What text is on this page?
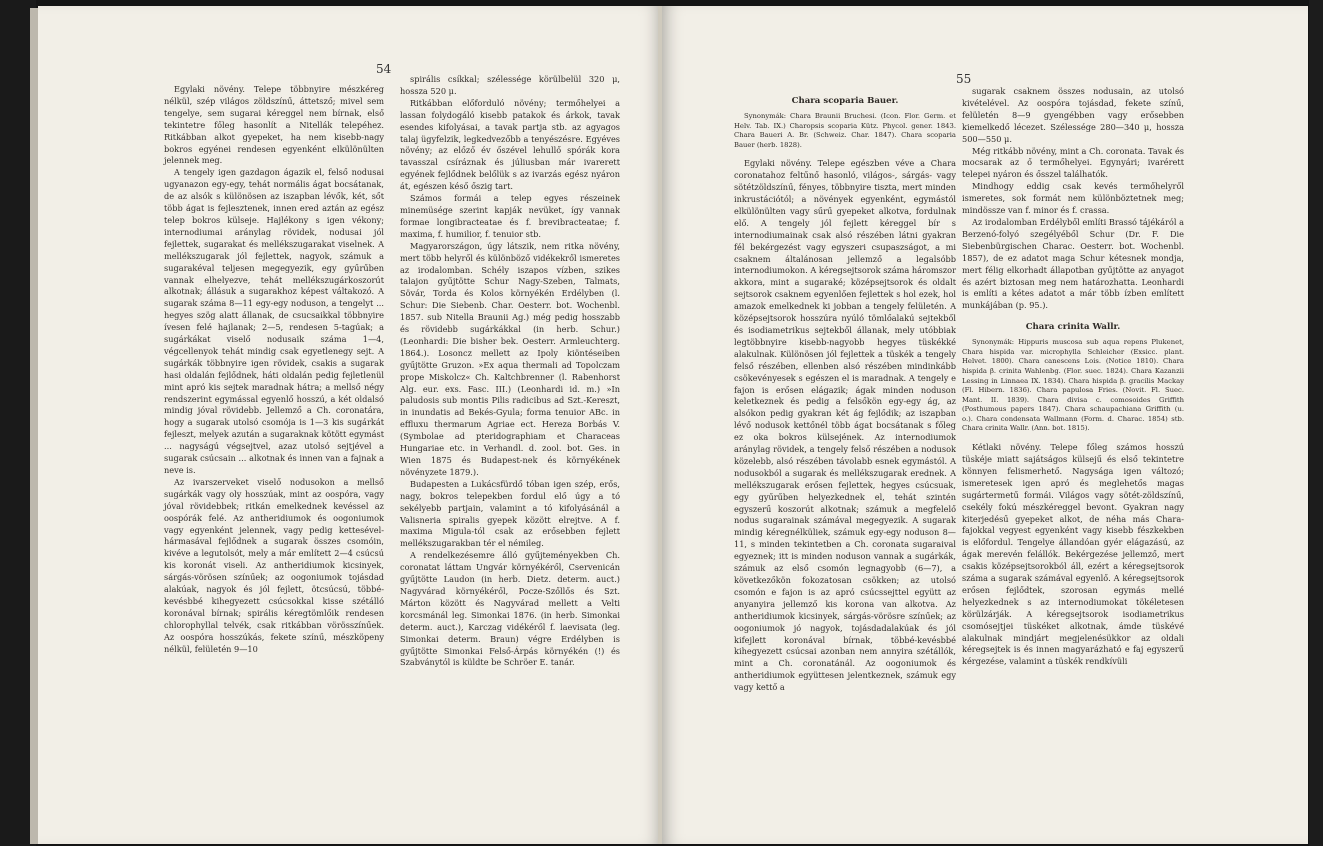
54

Egylaki növény. Telepe többnyire mészkéreg nélkül, szép világos zöldszínű, áttetsző; mivel sem tengelye, sem sugarai kéreggel nem bírnak, első tekintetre főleg hasonlít a Nitellák telepéhez. Ritkábban alkot gyepeket, ha nem kisebb-nagy bokros egyénei rendesen egyenként elkülönülten jelennek meg.

A tengely igen gazdagon ágazik el, felső nodusai ugyanazon egy-egy, tehát normális ágat bocsátanak, de az alsók s különösen az iszapban lévők, két, sőt több ágat is fejlesztenek, innen ered aztán az egész telep bokros külseje. Hajlékony s igen vékony; internodiumai aránylag rövidek, nodusai jól fejlettek, sugarakat és mellékszugarakat viselnek. A mellékszugarak jól fejlettek, nagyok, számuk a sugarakéval teljesen megegyezik, egy gyűrűben vannak elhelyezve, tehát mellékszugárkoszorút alkotnak; állásuk a sugarakhoz képest váltakozó. A sugarak száma 8—11 egy-egy noduson, a tengelyt ... hegyes szög alatt állanak, de csucsaikkal többnyire ívesen felé hajlanak; 2—5, rendesen 5-tagúak; a sugárkákat viselő nodusaik száma 1—4, végcellenyok tehát mindig csak egyetlenegy sejt. A sugárkák többnyire igen rövidek, csakis a sugarak hasi oldalán fejlődnek, háti oldalán pedig fejletlenül mint apró kis sejtek maradnak hátra; a mellső négy rendszerint egymással egyenlő hosszú, a két oldalsó mindig jóval rövidebb. Jellemző a Ch. coronatára, hogy a sugarak utolsó csomója is 1—3 kis sugárkát fejleszt, melyek azután a sugaraknak kötött egymást ... nagyságú végsejtvel, azaz utolsó sejtjével a sugarak csúcsain ... alkotnak és innen van a fajnak a neve is.

Az ivarszerveket viselő nodusokon a mellső sugárkák vagy oly hosszúak, mint az oospóra, vagy jóval rövidebbek; ritkán emelkednek kevéssel az oospórák felé. Az antheridiumok és oogoniumok vagy egyenként jelennek, vagy pedig kettesével-hármasával fejlődnek a sugarak összes csomóin, kivéve a legutolsót, mely a már említett 2—4 csúcsú kis koronát viseli. Az antheridiumok kicsinyek, sárgás-vörösen színűek; az oogoniumok tojásdad alakúak, nagyok és jól fejlett, ötcsúcsú, többé-kevésbbé kihegyezett csúcsokkal kisse szétálló koronával bírnak; spirális kéregtömlőik rendesen chlorophyllal telvék, csak ritkábban vörösszínűek. Az oospóra hosszúkás, fekete színű, mészköpeny nélkül, felületén 9—10

spirális csíkkal; szélessége körülbelül 320 μ, hossza 520 μ.

Ritkábban előforduló növény; termőhelyei a lassan folydogáló kisebb patakok és árkok, tavak esendes kifolyásai, a tavak partja stb. az agyagos talaj ügyfelzik, legkedvezőbb a tenyészésre. Egyéves növény; az előző év őszével lehullő spórák kora tavasszal csíráznak és júliusban már ivarerett egyének fejlődnek belőlük s az ivarzás egész nyáron át, egészen késő őszig tart.

Számos formái a telep egyes részeinek minemüsége szerint kapják nevüket, így vannak formae longibracteatae és f. brevibracteatae; f. maxima, f. humilior, f. tenuior stb.

Magyarországon, úgy látszik, nem ritka növény, mert több helyről és különböző vidékekről ismeretes az irodalomban. Schély iszapos vízben, szikes talajon gyűjtötte Schur Nagy-Szeben, Talmats, Sövár, Torda és Kolos környékén Erdélyben (l. Schur: Die Siebenb. Char. Oesterr. bot. Wochenbl. 1857. sub Nitella Braunii Ag.) még pedig hosszabb és rövidebb sugárkákkal (in herb. Schur.) (Leonhardi: Die bisher bek. Oesterr. Armleuchterg. 1864.). Losoncz mellett az Ipoly kiöntéseiben gyűjtötte Gruzon. »Ex aqua thermali ad Topolczam prope Miskolcz« Ch. Kaltchbrenner (l. Rabenhorst Alg. eur. exs. Fasc. III.) (Leonhardi id. m.) »In paludosis sub montis Pilis radicibus ad Szt.-Kereszt, in inundatis ad Bekés-Gyula; forma tenuior ABc. in effluxu thermarum Agriae ect. Hereza Borbás V. (Symbolae ad pteridographiam et Characeas Hungariae etc. in Verhandl. d. zool. bot. Ges. in Wien 1875 és Budapest-nek és környékének növényzete 1879.).

Budapesten a Lukácsfürdő tóban igen szép, erős, nagy, bokros telepekben fordul elő úgy a tó sekélyebb partjain, valamint a tó kifolyásánál a Valisneria spiralis gyepek között elrejtve. A f. maxima Migula-tól csak az erősebben fejlett mellékszugarakban tér el némileg.

A rendelkezésemre álló gyűjteményekben Ch. coronatat láttam Ungvár környékéről, Cservenicán gyűjtötte Laudon (in herb. Dietz. determ. auct.) Nagyvárad környékéről, Pocze-Szőllős és Szt. Márton között és Nagyvárad mellett a Velti korcsmánál leg. Simonkai 1876. (in herb. Simonkai determ. auct.), Karczag vidékéről f. laevisata (leg. Simonkai determ. Braun) végre Erdélyben is gyűjtötte Simonkai Felső-Árpás környékén (!) és Szabványtól is küldte be Schröer E. tanár.

55

Chara scoparia Bauer.

Synonymák: Chara Braunii Bruchesi. (Icon. Flor. Germ. et Helv. Tab. IX.) Charopsis scoparia Kütz. Phycol. gener. 1843. Chara Baueri A. Br. (Schweiz. Char. 1847). Chara scoparia Bauer (herb. 1828).

Egylaki növény. Telepe egészben véve a Chara coronatahoz feltűnő hasonló, világos-, sárgás- vagy sötétzöldszínű, fényes, többnyire tiszta, mert minden inkrustációtól; a növények egyenként, egymástól elkülönülten vagy sűrű gyepeket alkotva, fordulnak elő. A tengely jól fejlett kéreggel bír s internodiumainak csak alsó részében látni gyakran fél bekérgezést vagy egyszeri csupaszságot, a mi csaknem általánosan jellemző a legalsóbb internodiumokon. A kéregsejtsorok száma háromszor akkora, mint a sugaraké; középsejtsorok és oldalt sejtsorok csaknem egyenlően fejlettek s hol ezek, hol amazok emelkednek ki jobban a tengely felületén. A középsejtsorok hosszúra nyúló tömlőalakú sejtekből és isodiametrikus sejtekből állanak, mely utóbbiak legtöbbnyire kisebb-nagyobb hegyes tüskékké alakulnak. Különösen jól fejlettek a tüskék a tengely felső részében, ellenben alsó részében mindinkább csökevényesek s egészen el is maradnak. A tengely e fajon is erősen elágazik; ágak minden noduson keletkeznek és pedig a felsőkön egy-egy ág, az alsókon pedig gyakran két ág fejlődik; az iszapban lévő nodusok kettőnél több ágat bocsátanak s főleg ez oka bokros külsejének. Az internodiumok aránylag rövidek, a tengely felső részében a nodusok közelebb, alsó részében távolabb esnek egymástól. A nodusokból a sugarak és mellékszugarak erednek. A mellékszugarak erősen fejlettek, hegyes csúcsuak, egy gyűrűben helyezkednek el, tehát szintén egyszerű koszorút alkotnak; számuk a megfelelő nodus sugarainak számával megegyezik. A sugarak mindig kéregnélküliek, számuk egy-egy noduson 8—11, s minden tekintetben a Ch. coronata sugaraival egyeznek; itt is minden noduson vannak a sugárkák, számuk az első csomón legnagyobb (6—7), a következőkön fokozatosan csökken; az utolsó csomón e fajon is az apró csúcssejttel együtt az anyanyira jellemző kis korona van alkotva. Az antheridiumok kicsinyek, sárgás-vörösre színűek; az oogoniumok jó nagyok, tojásdadalakúak és jól kifejlett koronával bírnak, többé-kevésbbé kihegyezett csúcsai azonban nem annyira szétállók, mint a Ch. coronatánál. Az oogoniumok és antheridiumok együttesen jelentkeznek, számuk egy vagy kettő a

sugarak csaknem összes nodusain, az utolsó kivételével. Az oospóra tojásdad, fekete színű, felületén 8—9 gyengébben vagy erősebben kiemelkedő lécezet. Szélessége 280—340 μ, hossza 500—550 μ.

Még ritkább növény, mint a Ch. coronata. Tavak és mocsarak az ő termőhelyei. Egynyári; ivarérett telepei nyáron és ősszel találhatók.

Mindhogy eddig csak kevés termőhelyről ismeretes, sok formát nem különböztetnek meg; mindössze van f. minor és f. crassa.

Az irodalomban Erdélyből említi Brassó tájékáról a Berzenó-folyó szegélyéből Schur (Dr. F. Die Siebenbürgischen Charac. Oesterr. bot. Wochenbl. 1857), de ez adatot maga Schur kétesnek mondja, mert félig elkorhadt állapotban gyűjtötte az anyagot és azért biztosan meg nem határozhatta. Leonhardi is említi a kétes adatot a már több ízben említett munkájában (p. 95.).

Chara crinita Wallr.

Synonymák: Hippuris muscosa sub aqua repens Plukenet, Chara hispida var. microphylla Schleicher (Exsicc. plant. Helvet. 1800). Chara canescens Lois. (Notice 1810). Chara hispida β. crinita Wahlenbg. (Flor. suec. 1824). Chara Kazanzii Lessing in Linnaea IX. 1834). Chara hispida β. gracilis Mackay (Fl. Hibern. 1836). Chara papulosa Fries. (Novit. Fl. Suec. Mant. II. 1839). Chara divisa c. comosoides Griffith (Posthumous papers 1847). Chara schaupachiana Griffith (u. o.). Chara condensata Wallmann (Form. d. Charac. 1854) stb. Chara crinita Wallr. (Ann. bot. 1815).

Kétlaki növény. Telepe főleg számos hosszú tüskéje miatt sajátságos külsejű és első tekintetre könnyen felismerhető. Nagysága igen változó; ismeretesek igen apró és meglehetős magas sugártermetű formái. Világos vagy sötét-zöldszínű, csekély fokú mészkéreggel bevont. Gyakran nagy kiterjedésű gyepeket alkot, de néha más Chara-fajokkal vegyest egyenként vagy kisebb fészkekben is előfordul. Tengelye állandóan gyér elágazású, az ágak merevén felállók. Bekérgezése jellemző, mert csakis középsejtsorokból áll, ezért a kéregsejtsorok száma a sugarak számával egyenlő. A kéregsejtsorok erősen fejlődtek, szorosan egymás mellé helyezkednek s az internodiumokat tökéletesen körülzárják. A kéregsejtsorok isodiametrikus csomósejtjei tüskéket alkotnak, ámde tüskévé alakulnak mindjárt megjelenésükkor az oldali kéregsejtek is és innen magyarázható e faj egyszerű kérgezése, valamint a tüskék rendkívüli
